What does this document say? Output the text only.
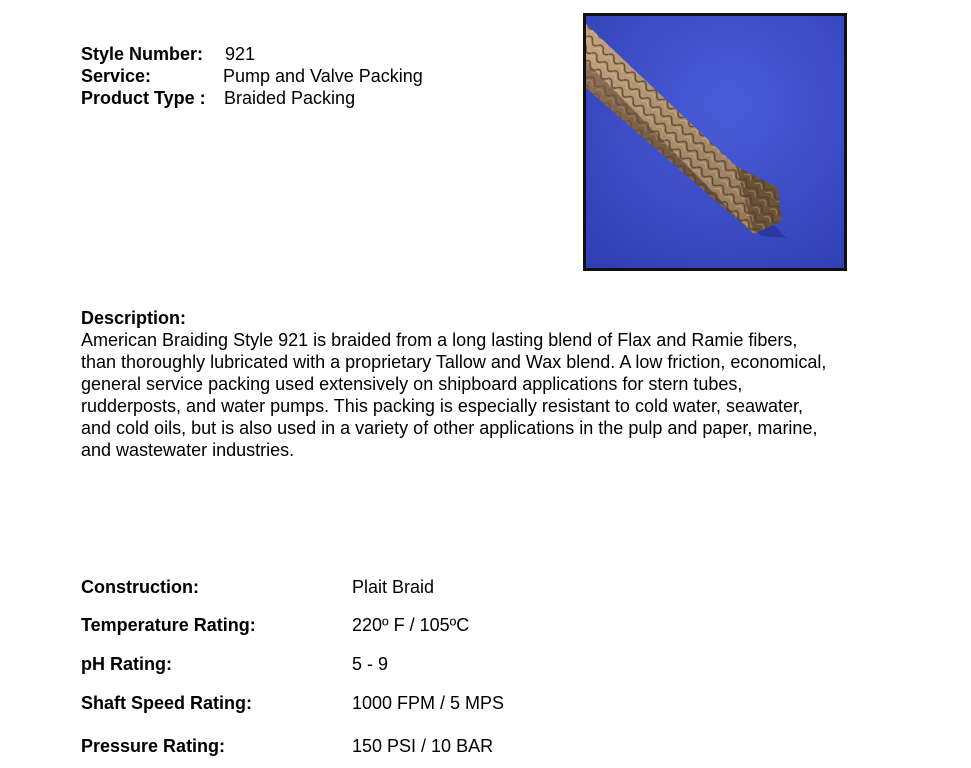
Style Number: 921
Service:	Pump and Valve Packing
Product Type : Braided Packing
Description:
American Braiding Style 921 is braided from a long lasting blend of Flax and Ramie fibers,
than thoroughly lubricated with a proprietary Tallow and Wax blend. A low friction, economical,
general service packing used extensively on shipboard applications for stern tubes,
rudderposts, and water pumps. This packing is especially resistant to cold water, seawater,
and cold oils, but is also used in a variety of other applications in the pulp and paper, marine,
and wastewater industries.
Construction:	Plait Braid
Temperature Rating:	220º F / 105ºC
pH Rating:	5 - 9
Shaft Speed Rating:	1000 FPM / 5 MPS
Pressure Rating:	150 PSI / 10 BAR
